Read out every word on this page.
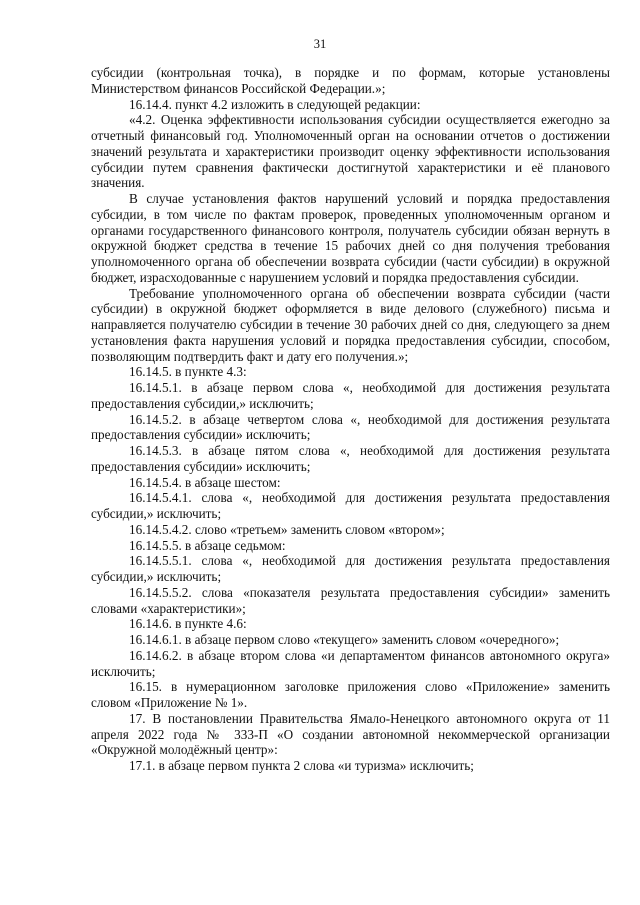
31

субсидии (контрольная точка), в порядке и по формам, которые установлены Министерством финансов Российской Федерации.»;

16.14.4. пункт 4.2 изложить в следующей редакции:

«4.2. Оценка эффективности использования субсидии осуществляется ежегодно за отчетный финансовый год. Уполномоченный орган на основании отчетов о достижении значений результата и характеристики производит оценку эффективности использования субсидии путем сравнения фактически достигнутой характеристики и её планового значения.

В случае установления фактов нарушений условий и порядка предоставления субсидии, в том числе по фактам проверок, проведенных уполномоченным органом и органами государственного финансового контроля, получатель субсидии обязан вернуть в окружной бюджет средства в течение 15 рабочих дней со дня получения требования уполномоченного органа об обеспечении возврата субсидии (части субсидии) в окружной бюджет, израсходованные с нарушением условий и порядка предоставления субсидии.

Требование уполномоченного органа об обеспечении возврата субсидии (части субсидии) в окружной бюджет оформляется в виде делового (служебного) письма и направляется получателю субсидии в течение 30 рабочих дней со дня, следующего за днем установления факта нарушения условий и порядка предоставления субсидии, способом, позволяющим подтвердить факт и дату его получения.»;

16.14.5. в пункте 4.3:

16.14.5.1. в абзаце первом слова «, необходимой для достижения результата предоставления субсидии,» исключить;

16.14.5.2. в абзаце четвертом слова «, необходимой для достижения результата предоставления субсидии» исключить;

16.14.5.3. в абзаце пятом слова «, необходимой для достижения результата предоставления субсидии» исключить;

16.14.5.4. в абзаце шестом:

16.14.5.4.1. слова «, необходимой для достижения результата предоставления субсидии,» исключить;

16.14.5.4.2. слово «третьем» заменить словом «втором»;

16.14.5.5. в абзаце седьмом:

16.14.5.5.1. слова «, необходимой для достижения результата предоставления субсидии,» исключить;

16.14.5.5.2. слова «показателя результата предоставления субсидии» заменить словами «характеристики»;

16.14.6. в пункте 4.6:

16.14.6.1. в абзаце первом слово «текущего» заменить словом «очередного»;

16.14.6.2. в абзаце втором слова «и департаментом финансов автономного округа» исключить;

16.15. в нумерационном заголовке приложения слово «Приложение» заменить словом «Приложение № 1».

17. В постановлении Правительства Ямало-Ненецкого автономного округа от 11 апреля 2022 года № 333-П «О создании автономной некоммерческой организации «Окружной молодёжный центр»:

17.1. в абзаце первом пункта 2 слова «и туризма» исключить;
